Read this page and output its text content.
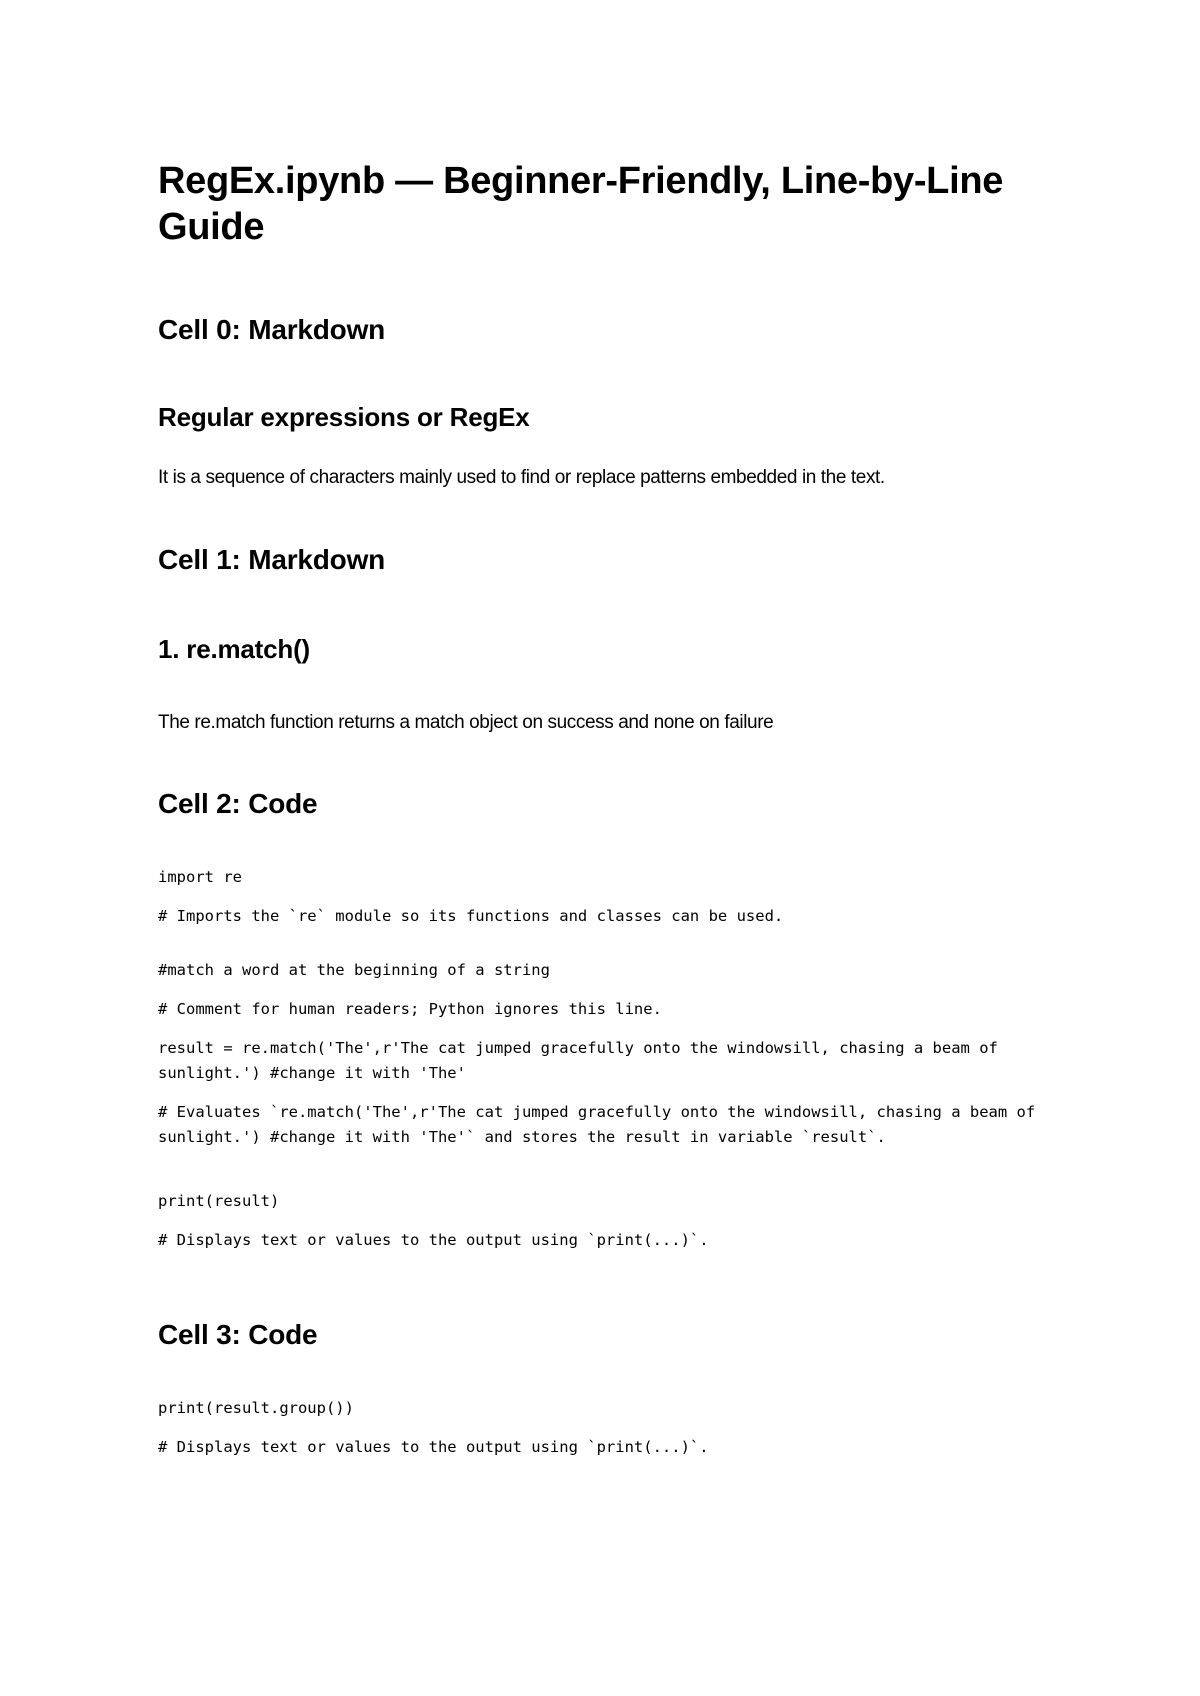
RegEx.ipynb — Beginner-Friendly, Line-by-Line Guide
Cell 0: Markdown
Regular expressions or RegEx

It is a sequence of characters mainly used to find or replace patterns embedded in the text.

Cell 1: Markdown
1. re.match()

The re.match function returns a match object on success and none on failure

Cell 2: Code

import re

# Imports the `re` module so its functions and classes can be used.

#match a word at the beginning of a string

# Comment for human readers; Python ignores this line.

result = re.match('The',r'The cat jumped gracefully onto the windowsill, chasing a beam of sunlight.') #change it with 'The'

# Evaluates `re.match('The',r'The cat jumped gracefully onto the windowsill, chasing a beam of sunlight.') #change it with 'The'` and stores the result in variable `result`.

print(result)

# Displays text or values to the output using `print(...)`.

Cell 3: Code

print(result.group())

# Displays text or values to the output using `print(...)`.
